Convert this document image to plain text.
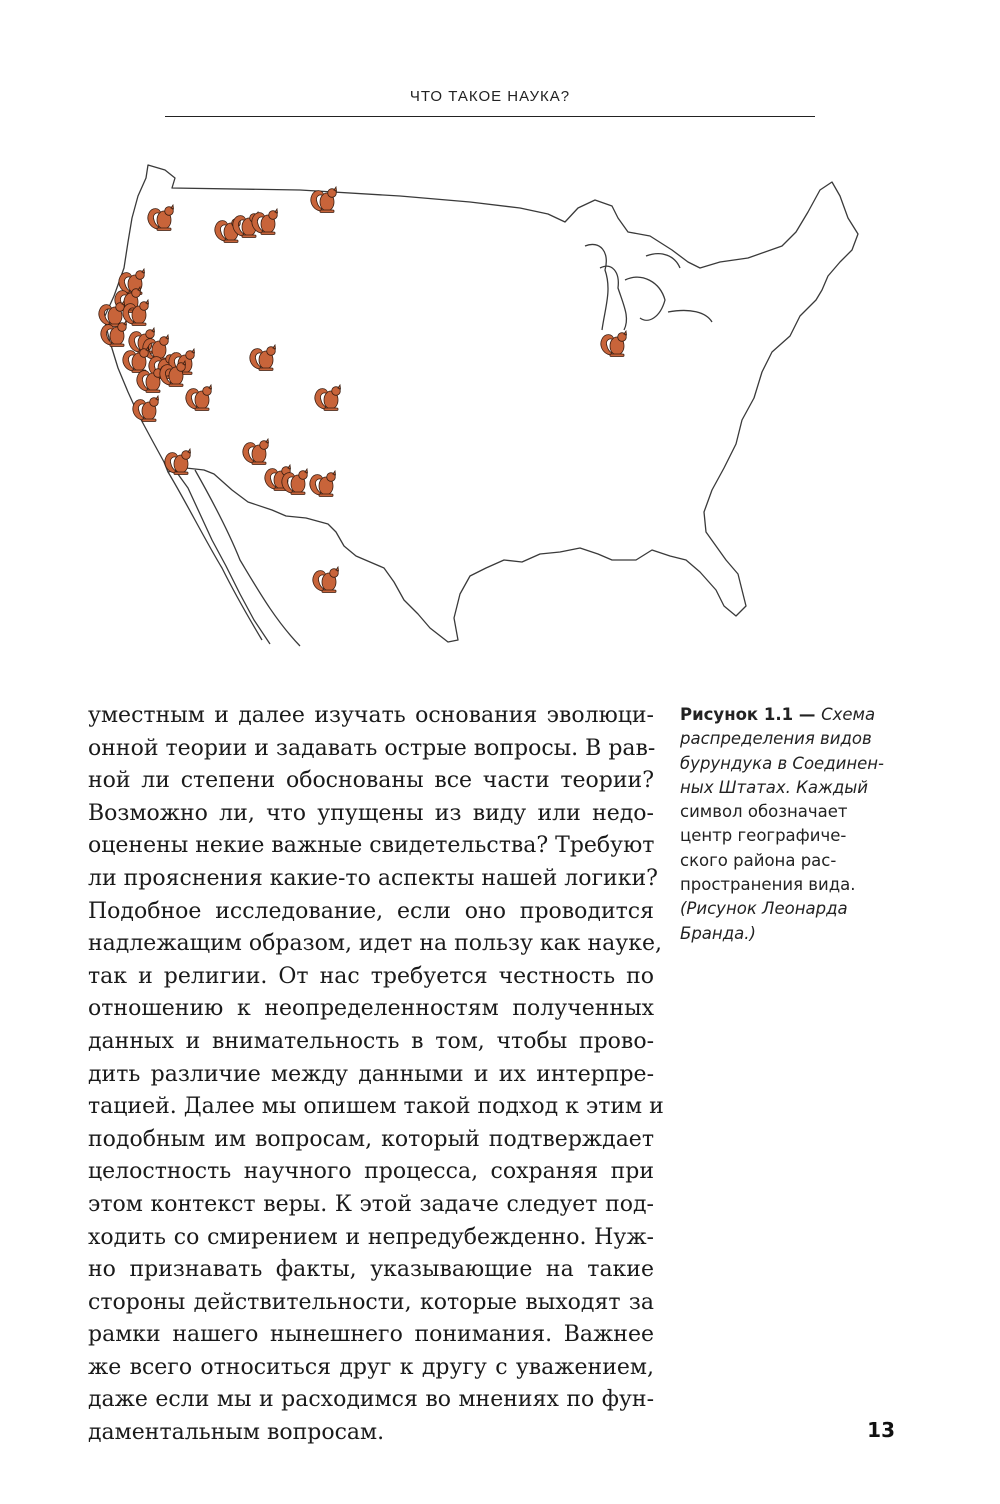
ЧТО ТАКОЕ НАУКА?
уместным и далее изучать основания эволюци-
онной теории и задавать острые вопросы. В рав-
ной ли степени обоснованы все части теории?
Возможно ли, что упущены из виду или недо-
оценены некие важные свидетельства? Требуют
ли прояснения какие-то аспекты нашей логики?
Подобное исследование, если оно проводится
надлежащим образом, идет на пользу как науке,
так и религии. От нас требуется честность по
отношению к неопределенностям полученных
данных и внимательность в том, чтобы прово-
дить различие между данными и их интерпре-
тацией. Далее мы опишем такой подход к этим и
подобным им вопросам, который подтверждает
целостность научного процесса, сохраняя при
этом контекст веры. К этой задаче следует под-
ходить со смирением и непредубежденно. Нуж-
но признавать факты, указывающие на такие
стороны действительности, которые выходят за
рамки нашего нынешнего понимания. Важнее
же всего относиться друг к другу с уважением,
даже если мы и расходимся во мнениях по фун-
даментальным вопросам.
Рисунок 1.1 — Схема
распределения видов
бурундука в Соединен-
ных Штатах. Каждый
символ обозначает
центр географиче-
ского района рас-
пространения вида.
(Рисунок Леонарда
Бранда.)
13
